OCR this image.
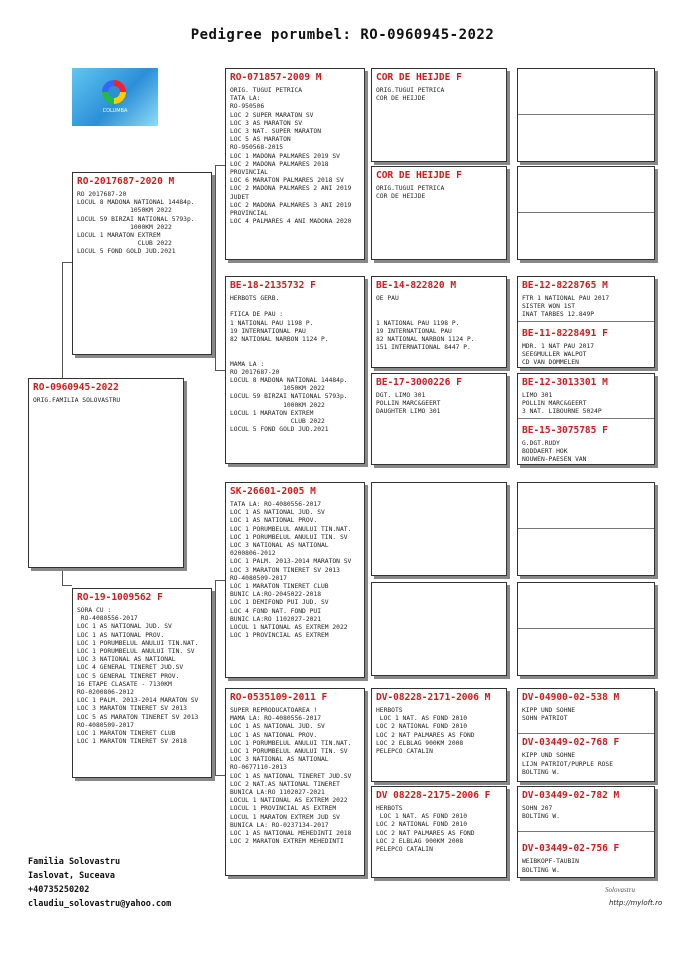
Pedigree porumbel: RO-0960945-2022
COLUMBA
RO-0960945-2022
ORIG.FAMILIA SOLOVASTRU
RO-2017687-2020 M
RO 2017687-20
LOCUL 8 MADONA NATIONAL 14484p.
1050KM 2022
LOCUL 59 BIRZAI NATIONAL 5793p.
1000KM 2022
LOCUL 1 MARATON EXTREM
CLUB 2022
LOCUL 5 FOND GOLD JUD.2021
RO-19-1009562 F
SORA CU :
RO-4080556-2017
LOC 1 AS NATIONAL JUD. SV
LOC 1 AS NATIONAL PROV.
LOC 1 PORUMBELUL ANULUI TIN.NAT.
LOC 1 PORUMBELUL ANULUI TIN. SV
LOC 3 NATIONAL AS NATIONAL
LOC 4 GENERAL TINERET JUD.SV
LOC 5 GENERAL TINERET PROV.
16 ETAPE CLASATE - 7130KM
RO-0200806-2012
LOC 1 PALM. 2013-2014 MARATON SV
LOC 3 MARATON TINERET SV 2013
LOC 5 AS MARATON TINERET SV 2013
RO-4080509-2017
LOC 1 MARATON TINERET CLUB
LOC 1 MARATON TINERET SV 2018
RO-071857-2009 M
ORIG. TUGUI PETRICA
TATA LA:
RO-950506
LOC 2 SUPER MARATON SV
LOC 3 AS MARATON SV
LOC 3 NAT. SUPER MARATON
LOC 5 AS MARATON
RO-950568-2015
LOC 1 MADONA PALMARES 2019 SV
LOC 2 MADONA PALMARES 2018
PROVINCIAL
LOC 6 MARATON PALMARES 2018 SV
LOC 2 MADONA PALMARES 2 ANI 2019
JUDET
LOC 2 MADONA PALMARES 3 ANI 2019
PROVINCIAL
LOC 4 PALMARES 4 ANI MADONA 2020
BE-18-2135732 F
HERBOTS GERB.

FIICA DE PAU :
1 NATIONAL PAU 1198 P.
19 INTERNATIONAL PAU
82 NATIONAL NARBON 1124 P.

MAMA LA :
RO 2017687-20
LOCUL 8 MADONA NATIONAL 14484p.
1050KM 2022
LOCUL 59 BIRZAI NATIONAL 5793p.
1000KM 2022
LOCUL 1 MARATON EXTREM
CLUB 2022
LOCUL 5 FOND GOLD JUD.2021
SK-26601-2005 M
TATA LA: RO-4080556-2017
LOC 1 AS NATIONAL JUD. SV
LOC 1 AS NATIONAL PROV.
LOC 1 PORUMBELUL ANULUI TIN.NAT.
LOC 1 PORUMBELUL ANULUI TIN. SV
LOC 3 NATIONAL AS NATIONAL
0200806-2012
LOC 1 PALM. 2013-2014 MARATON SV
LOC 3 MARATON TINERET SV 2013
RO-4080509-2017
LOC 1 MARATON TINERET CLUB
BUNIC LA:RO-2045022-2018
LOC 1 DEMIFOND PUI JUD. SV
LOC 4 FOND NAT. FOND PUI
BUNIC LA:RO 1102027-2021
LOCUL 1 NATIONAL AS EXTREM 2022
LOC 1 PROVINCIAL AS EXTREM
RO-0535109-2011 F
SUPER REPRODUCATOAREA !
MAMA LA: RO-4080556-2017
LOC 1 AS NATIONAL JUD. SV
LOC 1 AS NATIONAL PROV.
LOC 1 PORUMBELUL ANULUI TIN.NAT.
LOC 1 PORUMBELUL ANULUI TIN. SV
LOC 3 NATIONAL AS NATIONAL
RO-0677110-2013
LOC 1 AS NATIONAL TINERET JUD.SV
LOC 2 NAT.AS NATIONAL TINERET
BUNICA LA:RO 1102027-2021
LOCUL 1 NATIONAL AS EXTREM 2022
LOCUL 1 PROVINCIAL AS EXTREM
LOCUL 1 MARATON EXTREM JUD SV
BUNICA LA: RO-0237134-2017
LOC 1 AS NATIONAL MEHEDINTI 2018
LOC 2 MARATON EXTREM MEHEDINTI
COR DE HEIJDE F
ORIG.TUGUI PETRICA
COR DE HEIJDE
COR DE HEIJDE F
ORIG.TUGUI PETRICA
COR DE HEIJDE
BE-14-822820 M
OE PAU

1 NATIONAL PAU 1198 P.
19 INTERNATIONAL PAU
82 NATIONAL NARBON 1124 P.
151 INTERNATIONAL 8447 P.
BE-17-3000226 F
DGT. LIMO 301
POLLIN MARC&GEERT
DAUGHTER LIMO 301
DV-08228-2171-2006 M
HERBOTS
LOC 1 NAT. AS FOND 2010
LOC 2 NATIONAL FOND 2010
LOC 2 NAT PALMARES AS FOND
LOC 2 ELBLAG 900KM 2008
PELEPCO CATALIN
DV 08228-2175-2006 F
HERBOTS
LOC 1 NAT. AS FOND 2010
LOC 2 NATIONAL FOND 2010
LOC 2 NAT PALMARES AS FOND
LOC 2 ELBLAG 900KM 2008
PELEPCO CATALIN
BE-12-8228765 M
FTR 1 NATIONAL PAU 2017
SISTER WON 1ST
INAT TARBES 12.849P
BE-11-8228491 F
MDR. 1 NAT PAU 2017
SEEGMULLER WALPOT
CD VAN DOMMELEN
BE-12-3013301 M
LIMO 301
POLLIN MARC&GEERT
3 NAT. LIBOURNE 5024P
BE-15-3075785 F
G.DGT.RUDY
BODDAERT HOK
NOUWEN-PAESEN VAN
DV-04900-02-538 M
KIPP UND SOHNE
SOHN PATRIOT
DV-03449-02-768 F
KIPP UND SOHNE
LIJN PATRIOT/PURPLE ROSE
BOLTING W.
DV-03449-02-782 M
SOHN 207
BOLTING W.
DV-03449-02-756 F
WEIBKOPF-TAUBIN
BOLTING W.
Familia Solovastru
Iaslovat, Suceava
+40735250202
claudiu_solovastru@yahoo.com
Solovastru
http://myloft.ro
